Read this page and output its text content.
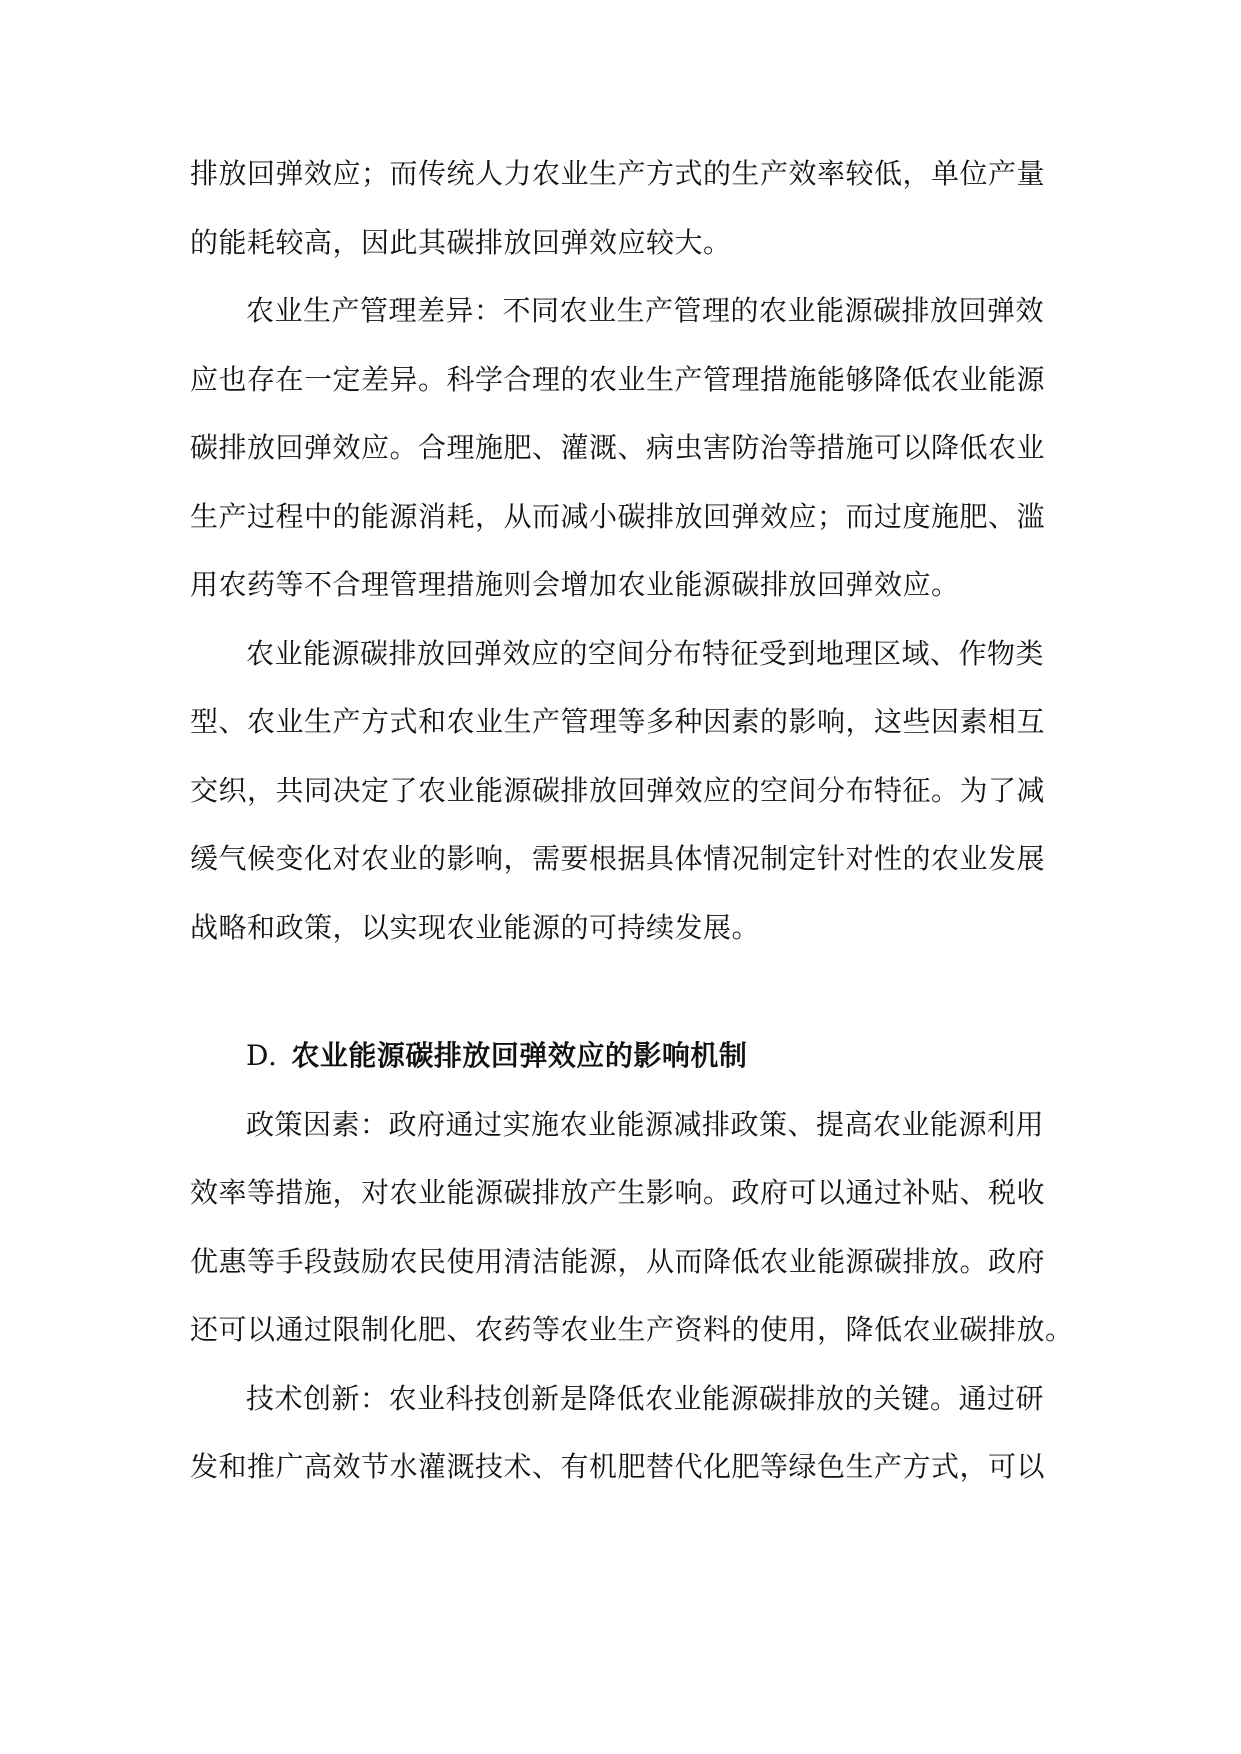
排放回弹效应；而传统人力农业生产方式的生产效率较低，单位产量
的能耗较高，因此其碳排放回弹效应较大。
农业生产管理差异：不同农业生产管理的农业能源碳排放回弹效
应也存在一定差异。科学合理的农业生产管理措施能够降低农业能源
碳排放回弹效应。合理施肥、灌溉、病虫害防治等措施可以降低农业
生产过程中的能源消耗，从而减小碳排放回弹效应；而过度施肥、滥
用农药等不合理管理措施则会增加农业能源碳排放回弹效应。
农业能源碳排放回弹效应的空间分布特征受到地理区域、作物类
型、农业生产方式和农业生产管理等多种因素的影响，这些因素相互
交织，共同决定了农业能源碳排放回弹效应的空间分布特征。为了减
缓气候变化对农业的影响，需要根据具体情况制定针对性的农业发展
战略和政策，以实现农业能源的可持续发展。
D. 农业能源碳排放回弹效应的影响机制
政策因素：政府通过实施农业能源减排政策、提高农业能源利用
效率等措施，对农业能源碳排放产生影响。政府可以通过补贴、税收
优惠等手段鼓励农民使用清洁能源，从而降低农业能源碳排放。政府
还可以通过限制化肥、农药等农业生产资料的使用，降低农业碳排放。
技术创新：农业科技创新是降低农业能源碳排放的关键。通过研
发和推广高效节水灌溉技术、有机肥替代化肥等绿色生产方式，可以
